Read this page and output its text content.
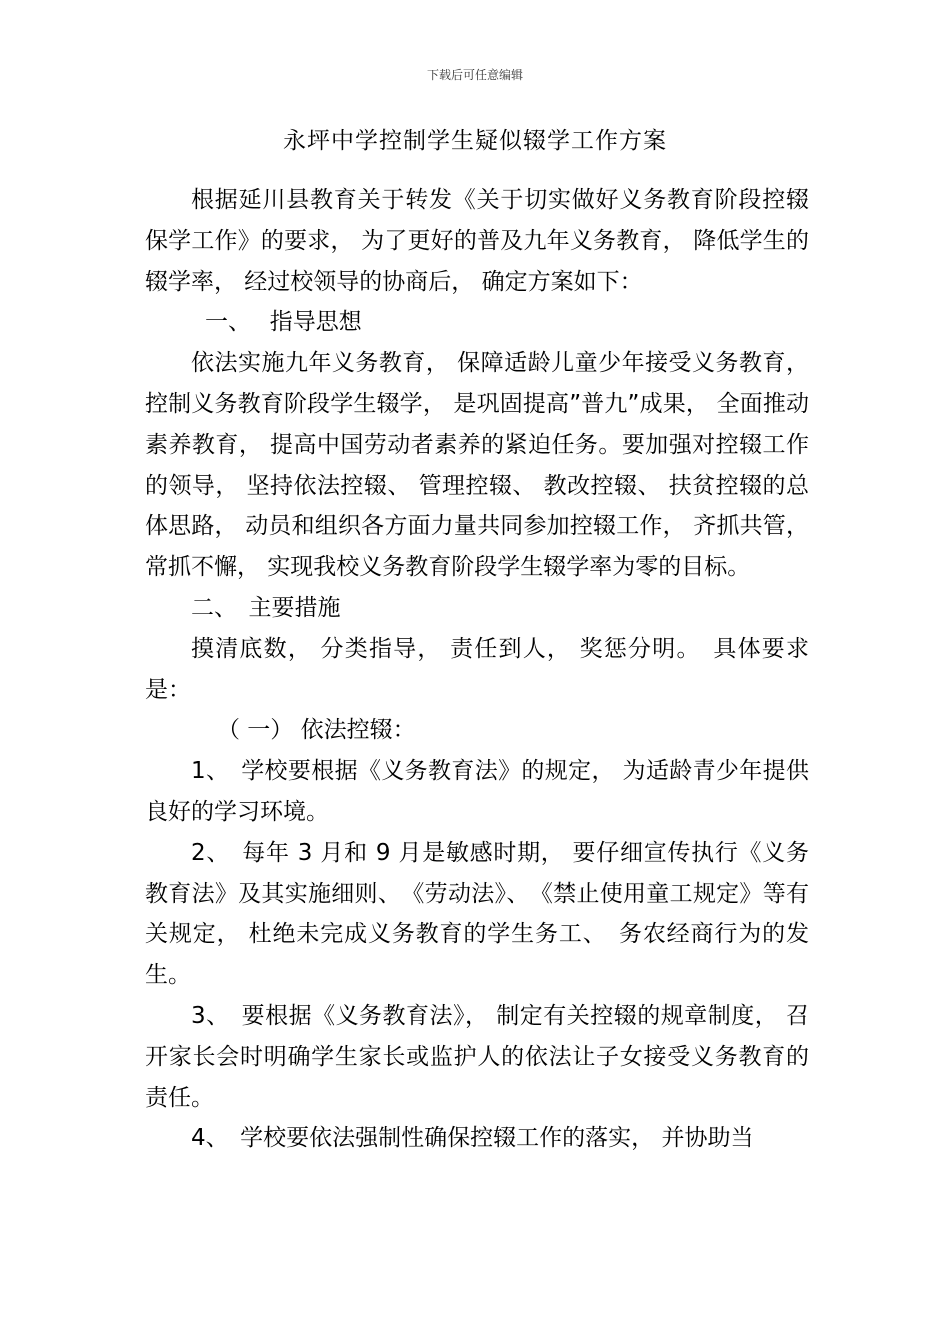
下载后可任意编辑
永坪中学控制学生疑似辍学工作方案

根据延川县教育关于转发《关于切实做好义务教育阶段控辍保学工作》的要求， 为了更好的普及九年义务教育， 降低学生的辍学率， 经过校领导的协商后， 确定方案如下：

一、　 指导思想

依法实施九年义务教育， 保障适龄儿童少年接受义务教育， 控制义务教育阶段学生辍学， 是巩固提高”普九”成果， 全面推动素养教育， 提高中国劳动者素养的紧迫任务。要加强对控辍工作的领导， 坚持依法控辍、 管理控辍、 教改控辍、 扶贫控辍的总体思路， 动员和组织各方面力量共同参加控辍工作， 齐抓共管， 常抓不懈， 实现我校义务教育阶段学生辍学率为零的目标。

二、　主要措施

摸清底数， 分类指导， 责任到人， 奖惩分明。　具体要求是：

（ 一） 依法控辍：

1、　学校要根据《义务教育法》的规定， 为适龄青少年提供良好的学习环境。

2、　每年 3 月和 9 月是敏感时期， 要仔细宣传执行《义务教育法》及其实施细则、　《劳动法》、　《禁止使用童工规定》等有关规定， 杜绝未完成义务教育的学生务工、　务农经商行为的发生。

3、　要根据《义务教育法》， 制定有关控辍的规章制度， 召开家长会时明确学生家长或监护人的依法让子女接受义务教育的责任。

4、　学校要依法强制性确保控辍工作的落实， 并协助当
